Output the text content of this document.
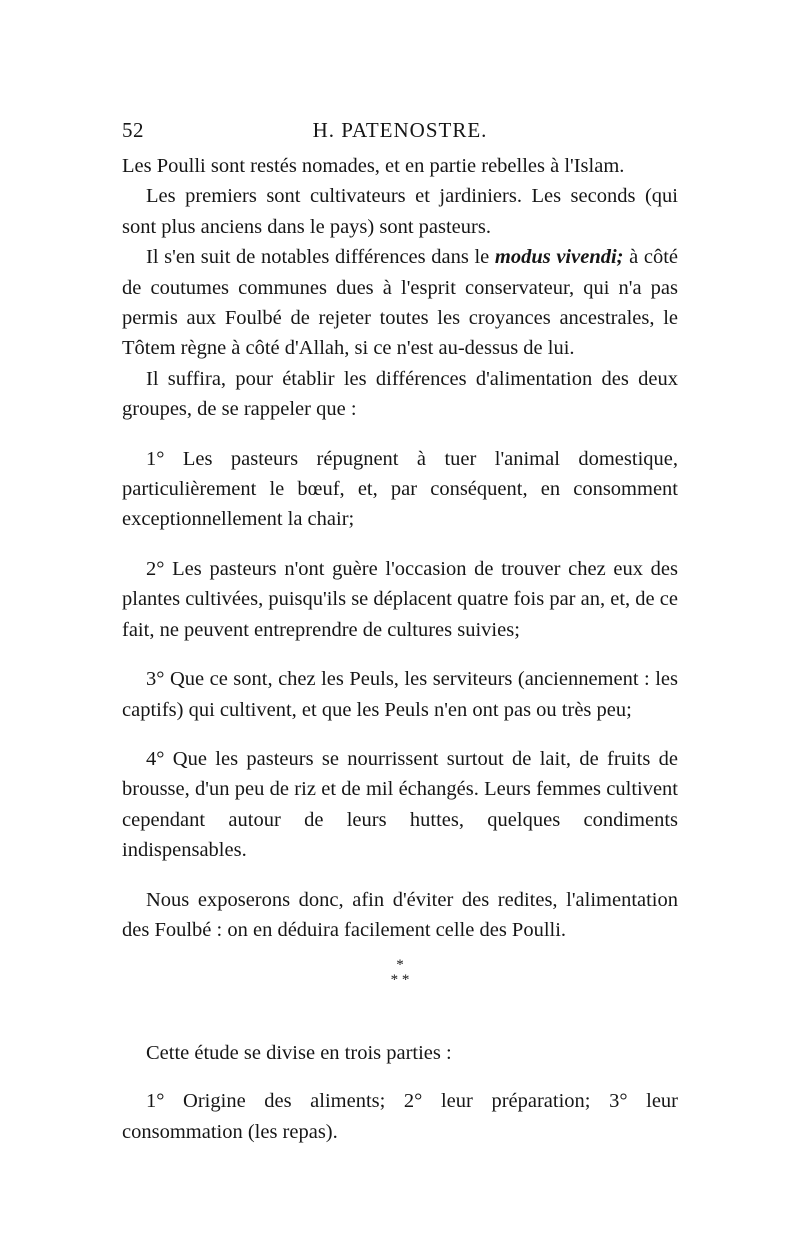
52	H. PATENOSTRE.

Les Poulli sont restés nomades, et en partie rebelles à l'Islam.

Les premiers sont cultivateurs et jardiniers. Les seconds (qui sont plus anciens dans le pays) sont pasteurs.

Il s'en suit de notables différences dans le modus vivendi; à côté de coutumes communes dues à l'esprit conservateur, qui n'a pas permis aux Foulbé de rejeter toutes les croyances ancestrales, le Tôtem règne à côté d'Allah, si ce n'est au-dessus de lui.

Il suffira, pour établir les différences d'alimentation des deux groupes, de se rappeler que :

1° Les pasteurs répugnent à tuer l'animal domestique, particulièrement le bœuf, et, par conséquent, en consomment exceptionnellement la chair;

2° Les pasteurs n'ont guère l'occasion de trouver chez eux des plantes cultivées, puisqu'ils se déplacent quatre fois par an, et, de ce fait, ne peuvent entreprendre de cultures suivies;

3° Que ce sont, chez les Peuls, les serviteurs (anciennement : les captifs) qui cultivent, et que les Peuls n'en ont pas ou très peu;

4° Que les pasteurs se nourrissent surtout de lait, de fruits de brousse, d'un peu de riz et de mil échangés. Leurs femmes cultivent cependant autour de leurs huttes, quelques condiments indispensables.

Nous exposerons donc, afin d'éviter des redites, l'alimentation des Foulbé : on en déduira facilement celle des Poulli.

*
* *

Cette étude se divise en trois parties :

1° Origine des aliments; 2° leur préparation; 3° leur consommation (les repas).
